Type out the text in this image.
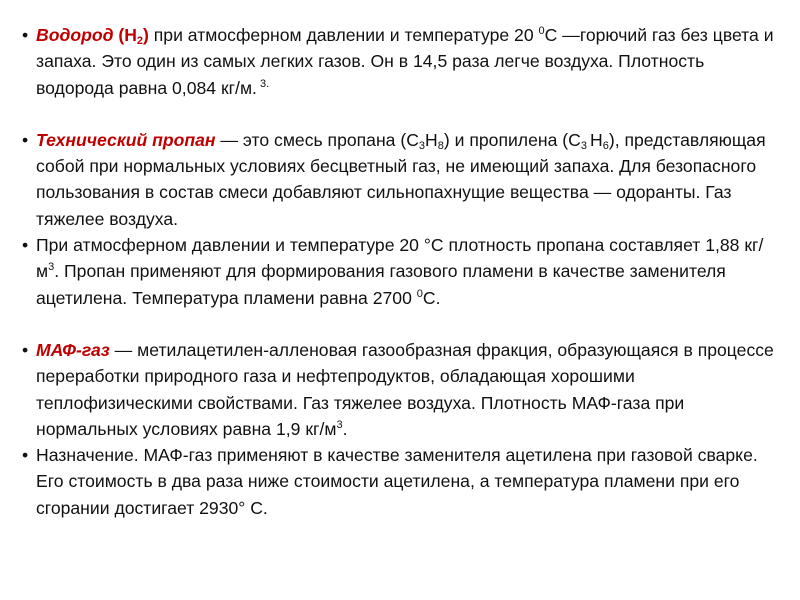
• Водород $(Н_2)$ при атмосферном давлении и температуре 20 $^0$С —горючий газ без цвета и запаха. Это один из самых легких газов. Он в 14,5 раза легче воздуха. Плотность водорода равна 0,084 кг/м. $^{3.}$

• Технический пропан — это смесь пропана $(С_3Н_8)$ и пропилена ($С_3$ $Н_6$), представляющая собой при нормальных условиях бесцветный газ, не имеющий запаха. Для безопасного пользования в состав смеси добавляют сильнопахнущие вещества — одоранты. Газ тяжелее воздуха.

• При атмосферном давлении и температуре 20 °С плотность пропана составляет 1,88 $кг/м^3$. Пропан применяют для формирования газового пламени в качестве заменителя ацетилена. Температура пламени равна 2700 $^0$С.

• МАФ-газ — метилацетилен-алленовая газообразная фракция, образующаяся в процессе переработки природного газа и нефтепродуктов, обладающая хорошими теплофизическими свойствами. Газ тяжелее воздуха. Плотность МАФ-газа при нормальных условиях равна 1,9 $кг/м^3$.

• Назначение. МАФ-газ применяют в качестве заменителя ацетилена при газовой сварке. Его стоимость в два раза ниже стоимости ацетилена, а температура пламени при его сгорании достигает 2930° С.
